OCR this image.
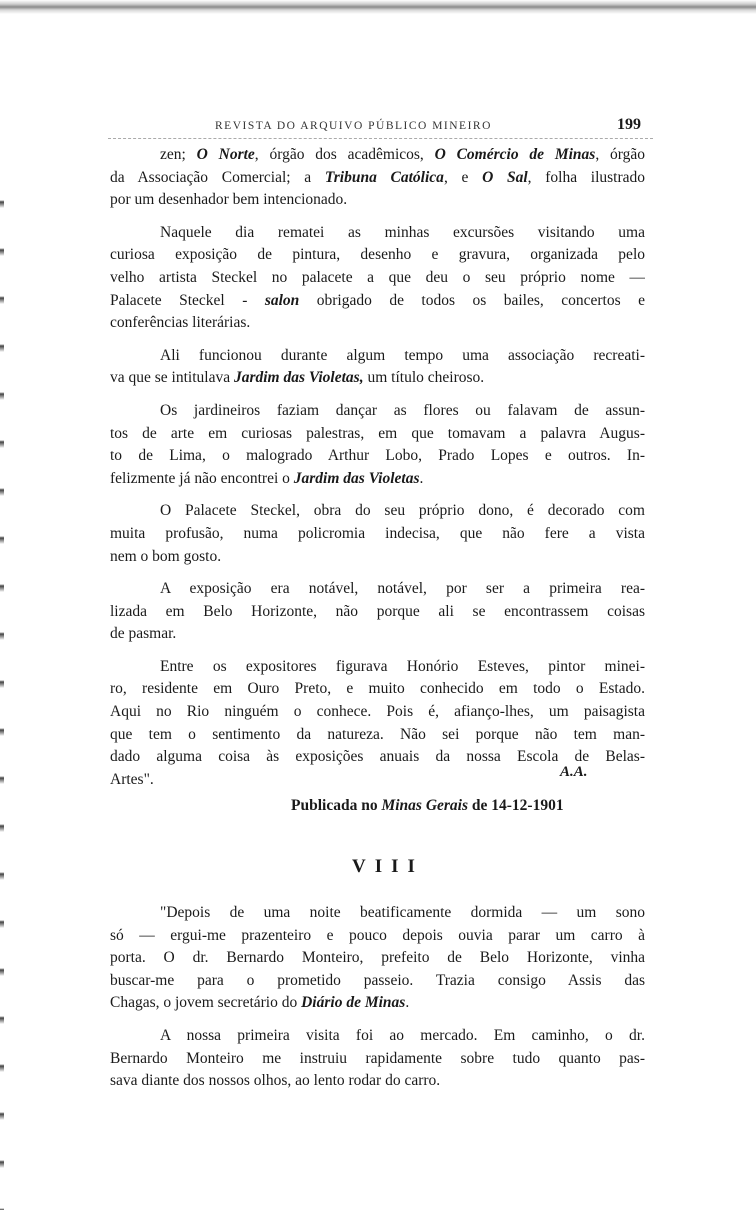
REVISTA DO ARQUIVO PÚBLICO MINEIRO	199
zen; O Norte, órgão dos acadêmicos, O Comércio de Minas, órgão
da Associação Comercial; a Tribuna Católica, e O Sal, folha ilustrado
por um desenhador bem intencionado.
Naquele dia rematei as minhas excursões visitando uma
curiosa exposição de pintura, desenho e gravura, organizada pelo
velho artista Steckel no palacete a que deu o seu próprio nome —
Palacete Steckel - salon obrigado de todos os bailes, concertos e
conferências literárias.
Ali funcionou durante algum tempo uma associação recreati-
va que se intitulava Jardim das Violetas, um título cheiroso.
Os jardineiros faziam dançar as flores ou falavam de assun-
tos de arte em curiosas palestras, em que tomavam a palavra Augus-
to de Lima, o malogrado Arthur Lobo, Prado Lopes e outros. In-
felizmente já não encontrei o Jardim das Violetas.
O Palacete Steckel, obra do seu próprio dono, é decorado com
muita profusão, numa policromia indecisa, que não fere a vista
nem o bom gosto.
A exposição era notável, notável, por ser a primeira rea-
lizada em Belo Horizonte, não porque ali se encontrassem coisas
de pasmar.
Entre os expositores figurava Honório Esteves, pintor minei-
ro, residente em Ouro Preto, e muito conhecido em todo o Estado.
Aqui no Rio ninguém o conhece. Pois é, afianço-lhes, um paisagista
que tem o sentimento da natureza. Não sei porque não tem man-
dado alguma coisa às exposições anuais da nossa Escola de Belas-
Artes".	A.A.
Publicada no Minas Gerais de 14-12-1901
VIII
"Depois de uma noite beatificamente dormida — um sono
só — ergui-me prazenteiro e pouco depois ouvia parar um carro à
porta. O dr. Bernardo Monteiro, prefeito de Belo Horizonte, vinha
buscar-me para o prometido passeio. Trazia consigo Assis das
Chagas, o jovem secretário do Diário de Minas.
A nossa primeira visita foi ao mercado. Em caminho, o dr.
Bernardo Monteiro me instruiu rapidamente sobre tudo quanto pas-
sava diante dos nossos olhos, ao lento rodar do carro.
